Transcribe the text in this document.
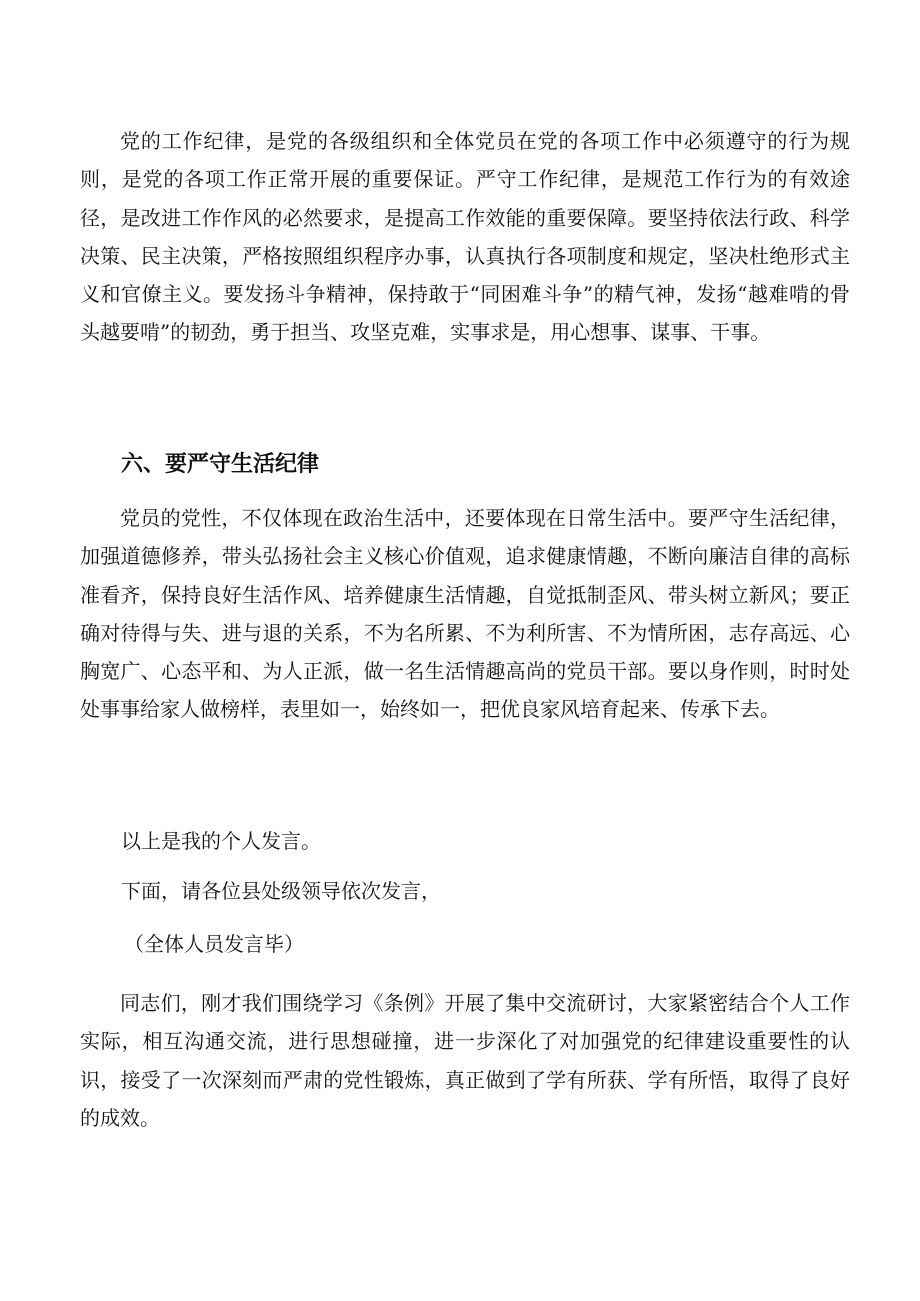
党的工作纪律，是党的各级组织和全体党员在党的各项工作中必须遵守的行为规则，是党的各项工作正常开展的重要保证。严守工作纪律，是规范工作行为的有效途径，是改进工作作风的必然要求，是提高工作效能的重要保障。要坚持依法行政、科学决策、民主决策，严格按照组织程序办事，认真执行各项制度和规定，坚决杜绝形式主义和官僚主义。要发扬斗争精神，保持敢于“同困难斗争”的精气神，发扬“越难啃的骨头越要啃”的韧劲，勇于担当、攻坚克难，实事求是，用心想事、谋事、干事。

六、要严守生活纪律

党员的党性，不仅体现在政治生活中，还要体现在日常生活中。要严守生活纪律，加强道德修养，带头弘扬社会主义核心价值观，追求健康情趣，不断向廉洁自律的高标准看齐，保持良好生活作风、培养健康生活情趣，自觉抵制歪风、带头树立新风；要正确对待得与失、进与退的关系，不为名所累、不为利所害、不为情所困，志存高远、心胸宽广、心态平和、为人正派，做一名生活情趣高尚的党员干部。要以身作则，时时处处事事给家人做榜样，表里如一，始终如一，把优良家风培育起来、传承下去。

以上是我的个人发言。

下面，请各位县处级领导依次发言，

（全体人员发言毕）

同志们，刚才我们围绕学习《条例》开展了集中交流研讨，大家紧密结合个人工作实际，相互沟通交流，进行思想碰撞，进一步深化了对加强党的纪律建设重要性的认识，接受了一次深刻而严肃的党性锻炼，真正做到了学有所获、学有所悟，取得了良好的成效。
